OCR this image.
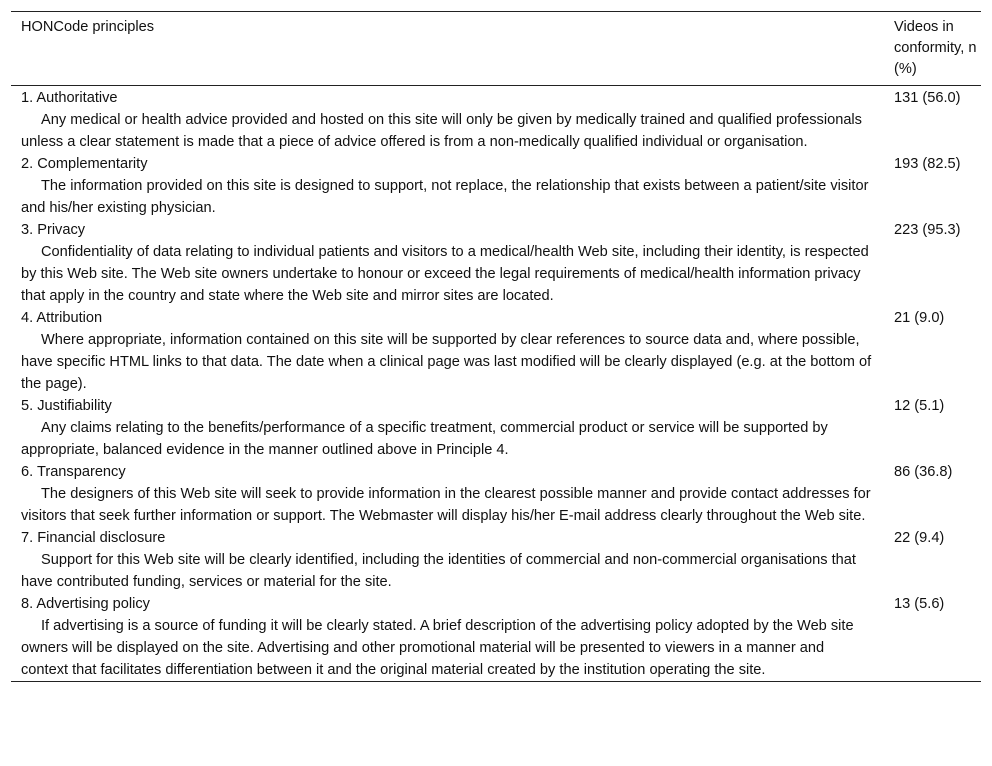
HONCode principles	Videos in conformity, n (%)

1. Authoritative
Any medical or health advice provided and hosted on this site will only be given by medically trained and qualified professionals unless a clear statement is made that a piece of advice offered is from a non-medically qualified individual or organisation.	131 (56.0)

2. Complementarity
The information provided on this site is designed to support, not replace, the relationship that exists between a patient/site visitor and his/her existing physician.	193 (82.5)

3. Privacy
Confidentiality of data relating to individual patients and visitors to a medical/health Web site, including their identity, is respected by this Web site. The Web site owners undertake to honour or exceed the legal requirements of medical/health information privacy that apply in the country and state where the Web site and mirror sites are located.	223 (95.3)

4. Attribution
Where appropriate, information contained on this site will be supported by clear references to source data and, where possible, have specific HTML links to that data. The date when a clinical page was last modified will be clearly displayed (e.g. at the bottom of the page).	21 (9.0)

5. Justifiability
Any claims relating to the benefits/performance of a specific treatment, commercial product or service will be supported by appropriate, balanced evidence in the manner outlined above in Principle 4.	12 (5.1)

6. Transparency
The designers of this Web site will seek to provide information in the clearest possible manner and provide contact addresses for visitors that seek further information or support. The Webmaster will display his/her E-mail address clearly throughout the Web site.	86 (36.8)

7. Financial disclosure
Support for this Web site will be clearly identified, including the identities of commercial and non-commercial organisations that have contributed funding, services or material for the site.	22 (9.4)

8. Advertising policy
If advertising is a source of funding it will be clearly stated. A brief description of the advertising policy adopted by the Web site owners will be displayed on the site. Advertising and other promotional material will be presented to viewers in a manner and context that facilitates differentiation between it and the original material created by the institution operating the site.	13 (5.6)
